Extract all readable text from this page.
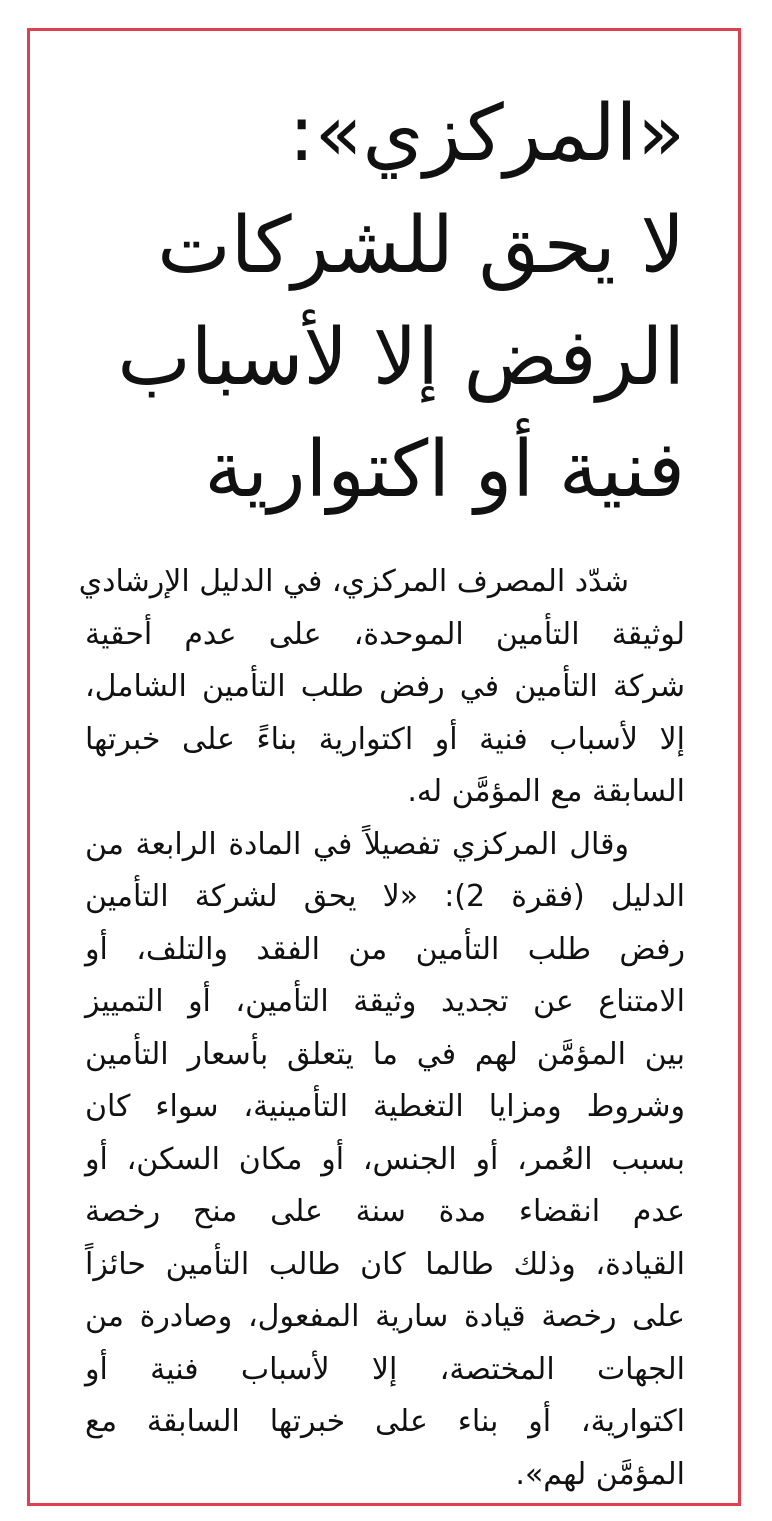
«المركزي»:
لا يحق للشركات
الرفض إلا لأسباب
فنية أو اكتوارية

شدّد المصرف المركزي، في الدليل الإرشادي
لوثيقة التأمين الموحدة، على عدم أحقية
شركة التأمين في رفض طلب التأمين الشامل،
إلا لأسباب فنية أو اكتوارية بناءً على خبرتها
السابقة مع المؤمَّن له.

وقال المركزي تفصيلاً في المادة الرابعة من
الدليل (فقرة 2): «لا يحق لشركة التأمين
رفض طلب التأمين من الفقد والتلف، أو
الامتناع عن تجديد وثيقة التأمين، أو التمييز
بين المؤمَّن لهم في ما يتعلق بأسعار التأمين
وشروط ومزايا التغطية التأمينية، سواء كان
بسبب العُمر، أو الجنس، أو مكان السكن، أو
عدم انقضاء مدة سنة على منح رخصة
القيادة، وذلك طالما كان طالب التأمين حائزاً
على رخصة قيادة سارية المفعول، وصادرة من
الجهات المختصة، إلا لأسباب فنية أو
اكتوارية، أو بناء على خبرتها السابقة مع
المؤمَّن لهم».
